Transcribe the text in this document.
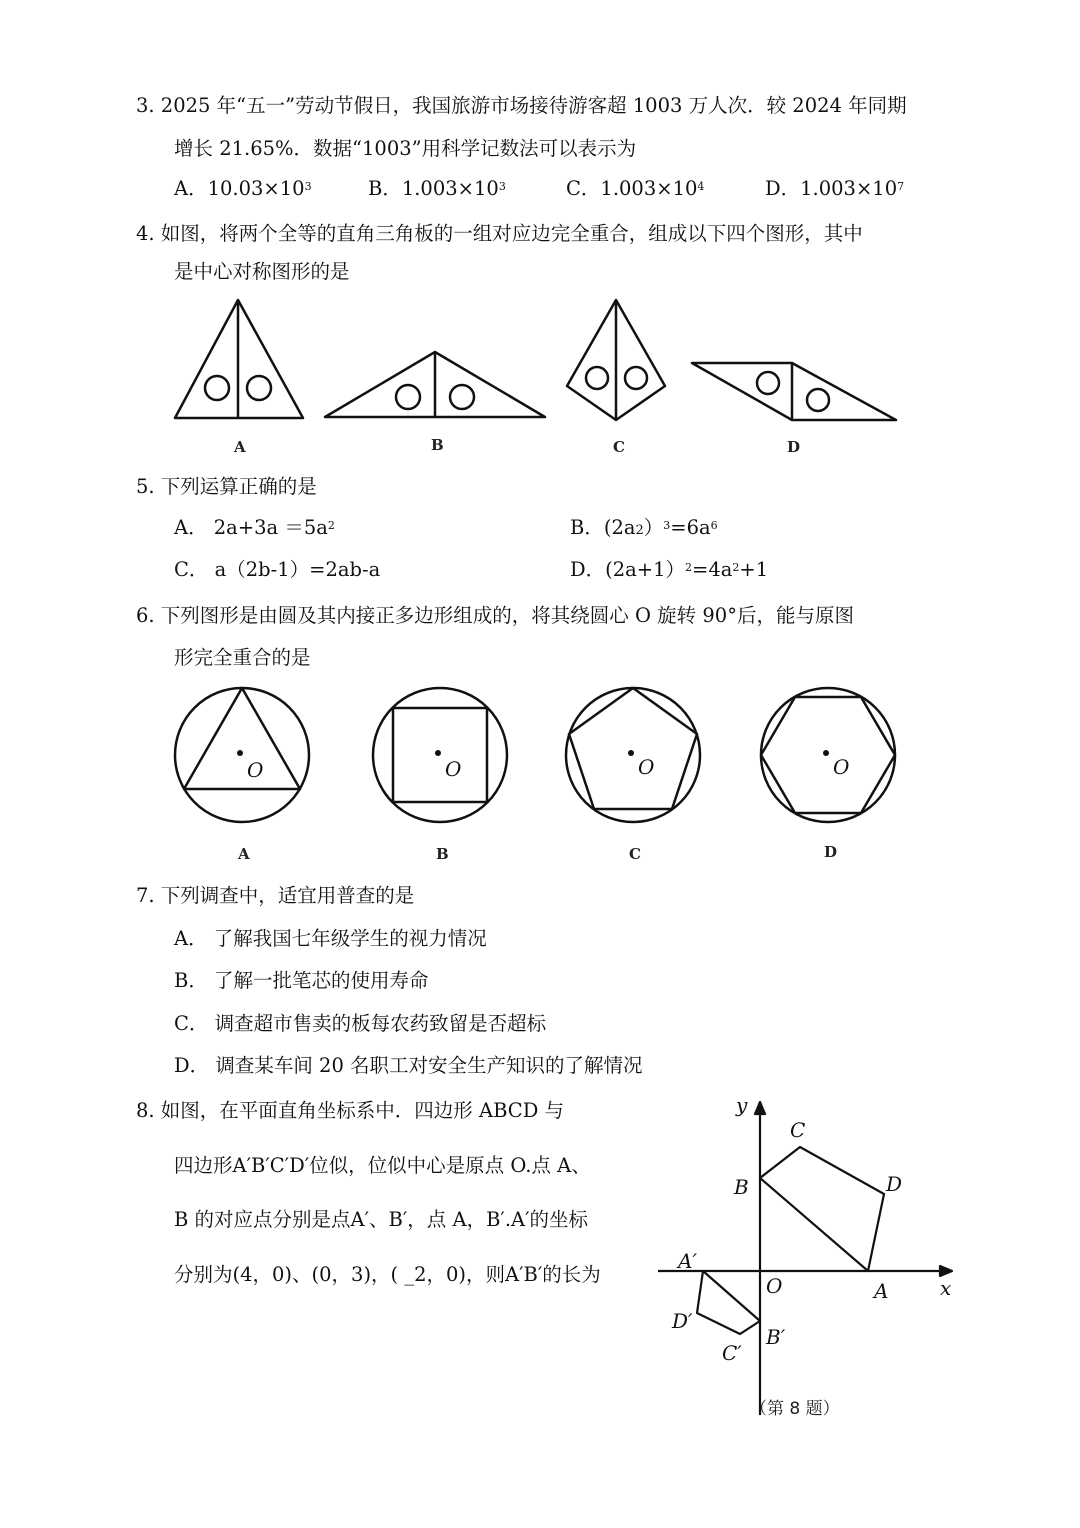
3. 2025 年“五一”劳动节假日，我国旅游市场接待游客超 1003 万人次．较 2024 年同期
增长 21.65%．数据“1003”用科学记数法可以表示为
A．$10.03\times 10^3$	B．$1.003\times 10^3$	C．$1.003\times 10^4$	D．$1.003\times 10^7$
4. 如图，将两个全等的直角三角板的一组对应边完全重合，组成以下四个图形，其中
是中心对称图形的是
A	B	C	D
5. 下列运算正确的是
A． $2a+3a =5a^2$	B．$(2a2)^3=6a^6$
C． a（2b-1）=2ab-a	D．$(2a+1)^2=4a^2+1$
6. 下列图形是由圆及其内接正多边形组成的，将其绕圆心 O 旋转 90°后，能与原图
形完全重合的是
O	O	O	O
A	B	C	D
7. 下列调查中，适宜用普查的是
A． 了解我国七年级学生的视力情况
B． 了解一批笔芯的使用寿命
C． 调查超市售卖的板每农药致留是否超标
D． 调查某车间 20 名职工对安全生产知识的了解情况
8. 如图，在平面直角坐标系中．四边形 ABCD 与
四边形A′B′C′D′位似，位似中心是原点 O.点 A、
B 的对应点分别是点A′、B′，点 A，B′.A′的坐标
分别为(4，0)、(0，3)，( _2，0)，则A′B′的长为
y
x
O	A
B
C
D
A′
B′
C′
D′
（第 8 题）
